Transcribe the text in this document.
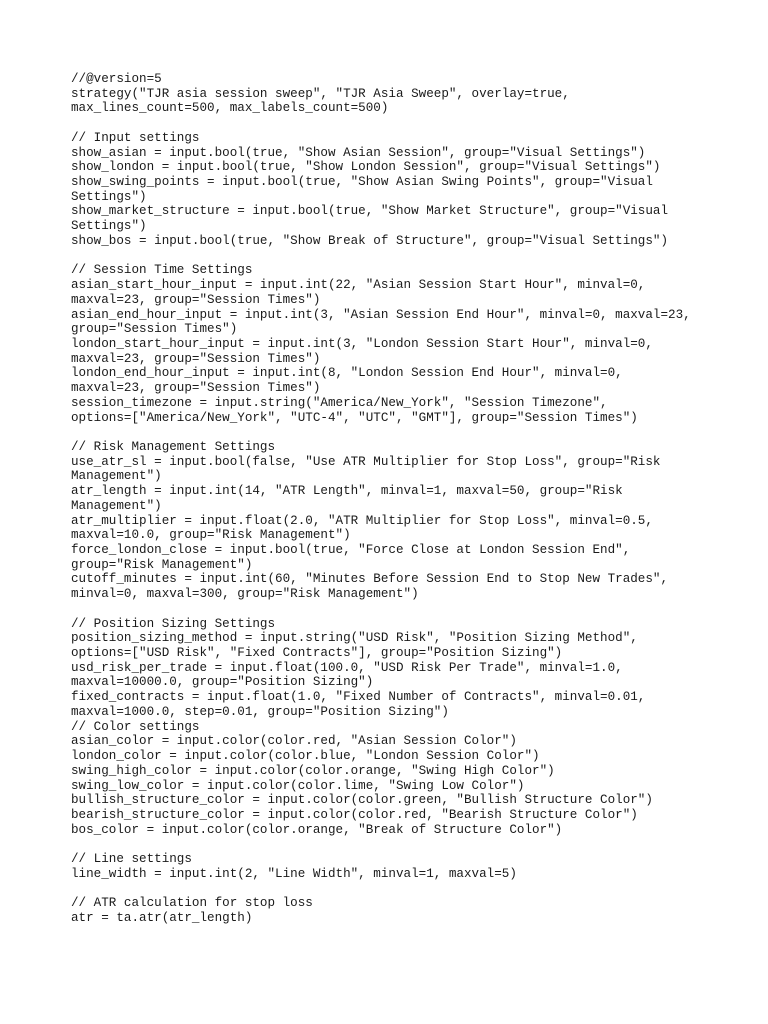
//@version=5
strategy("TJR asia session sweep", "TJR Asia Sweep", overlay=true,
max_lines_count=500, max_labels_count=500)
// Input settings
show_asian = input.bool(true, "Show Asian Session", group="Visual Settings")
show_london = input.bool(true, "Show London Session", group="Visual Settings")
show_swing_points = input.bool(true, "Show Asian Swing Points", group="Visual
Settings")
show_market_structure = input.bool(true, "Show Market Structure", group="Visual
Settings")
show_bos = input.bool(true, "Show Break of Structure", group="Visual Settings")
// Session Time Settings
asian_start_hour_input = input.int(22, "Asian Session Start Hour", minval=0,
maxval=23, group="Session Times")
asian_end_hour_input = input.int(3, "Asian Session End Hour", minval=0, maxval=23,
group="Session Times")
london_start_hour_input = input.int(3, "London Session Start Hour", minval=0,
maxval=23, group="Session Times")
london_end_hour_input = input.int(8, "London Session End Hour", minval=0,
maxval=23, group="Session Times")
session_timezone = input.string("America/New_York", "Session Timezone",
options=["America/New_York", "UTC-4", "UTC", "GMT"], group="Session Times")
// Risk Management Settings
use_atr_sl = input.bool(false, "Use ATR Multiplier for Stop Loss", group="Risk
Management")
atr_length = input.int(14, "ATR Length", minval=1, maxval=50, group="Risk
Management")
atr_multiplier = input.float(2.0, "ATR Multiplier for Stop Loss", minval=0.5,
maxval=10.0, group="Risk Management")
force_london_close = input.bool(true, "Force Close at London Session End",
group="Risk Management")
cutoff_minutes = input.int(60, "Minutes Before Session End to Stop New Trades",
minval=0, maxval=300, group="Risk Management")
// Position Sizing Settings
position_sizing_method = input.string("USD Risk", "Position Sizing Method",
options=["USD Risk", "Fixed Contracts"], group="Position Sizing")
usd_risk_per_trade = input.float(100.0, "USD Risk Per Trade", minval=1.0,
maxval=10000.0, group="Position Sizing")
fixed_contracts = input.float(1.0, "Fixed Number of Contracts", minval=0.01,
maxval=1000.0, step=0.01, group="Position Sizing")
// Color settings
asian_color = input.color(color.red, "Asian Session Color")
london_color = input.color(color.blue, "London Session Color")
swing_high_color = input.color(color.orange, "Swing High Color")
swing_low_color = input.color(color.lime, "Swing Low Color")
bullish_structure_color = input.color(color.green, "Bullish Structure Color")
bearish_structure_color = input.color(color.red, "Bearish Structure Color")
bos_color = input.color(color.orange, "Break of Structure Color")
// Line settings
line_width = input.int(2, "Line Width", minval=1, maxval=5)
// ATR calculation for stop loss
atr = ta.atr(atr_length)
